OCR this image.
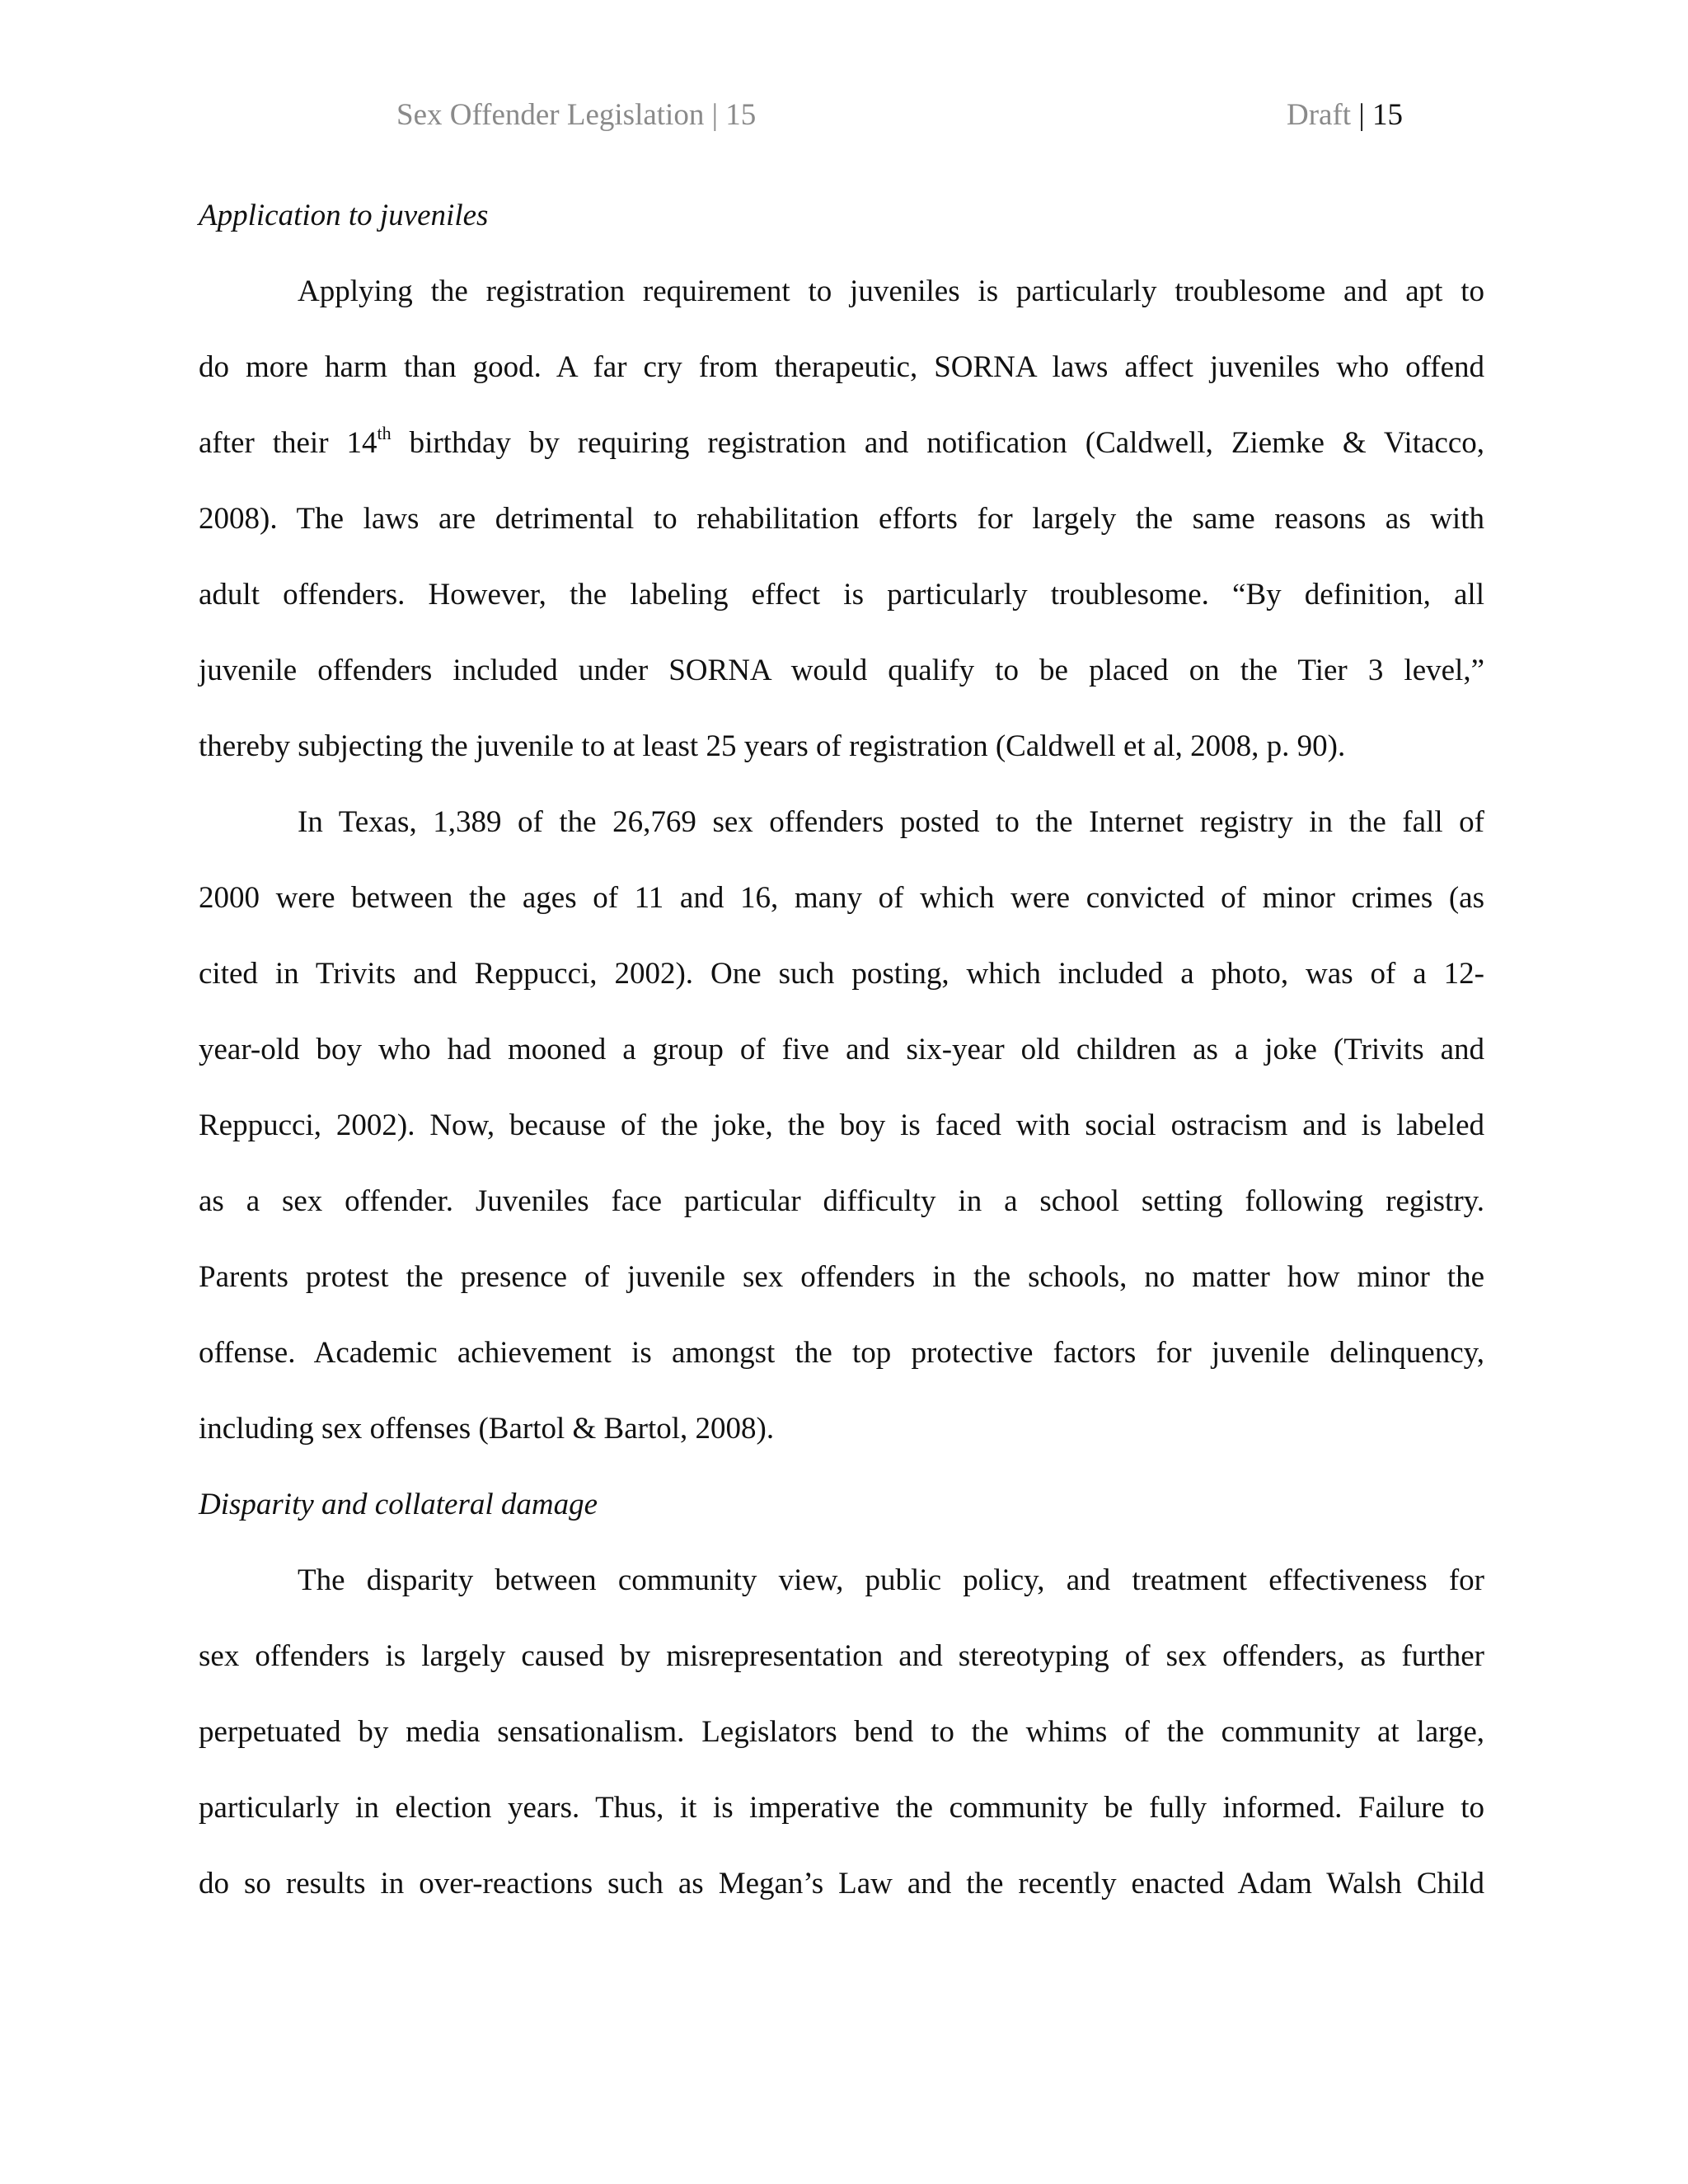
Sex Offender Legislation | 15	Draft | 15
Application to juveniles
Applying the registration requirement to juveniles is particularly troublesome and apt to
do more harm than good. A far cry from therapeutic, SORNA laws affect juveniles who offend
after their 14th birthday by requiring registration and notification (Caldwell, Ziemke & Vitacco,
2008). The laws are detrimental to rehabilitation efforts for largely the same reasons as with
adult offenders. However, the labeling effect is particularly troublesome. “By definition, all
juvenile offenders included under SORNA would qualify to be placed on the Tier 3 level,”
thereby subjecting the juvenile to at least 25 years of registration (Caldwell et al, 2008, p. 90).
In Texas, 1,389 of the 26,769 sex offenders posted to the Internet registry in the fall of
2000 were between the ages of 11 and 16, many of which were convicted of minor crimes (as
cited in Trivits and Reppucci, 2002). One such posting, which included a photo, was of a 12-
year-old boy who had mooned a group of five and six-year old children as a joke (Trivits and
Reppucci, 2002). Now, because of the joke, the boy is faced with social ostracism and is labeled
as a sex offender. Juveniles face particular difficulty in a school setting following registry.
Parents protest the presence of juvenile sex offenders in the schools, no matter how minor the
offense. Academic achievement is amongst the top protective factors for juvenile delinquency,
including sex offenses (Bartol & Bartol, 2008).
Disparity and collateral damage
The disparity between community view, public policy, and treatment effectiveness for
sex offenders is largely caused by misrepresentation and stereotyping of sex offenders, as further
perpetuated by media sensationalism. Legislators bend to the whims of the community at large,
particularly in election years. Thus, it is imperative the community be fully informed. Failure to
do so results in over-reactions such as Megan’s Law and the recently enacted Adam Walsh Child
